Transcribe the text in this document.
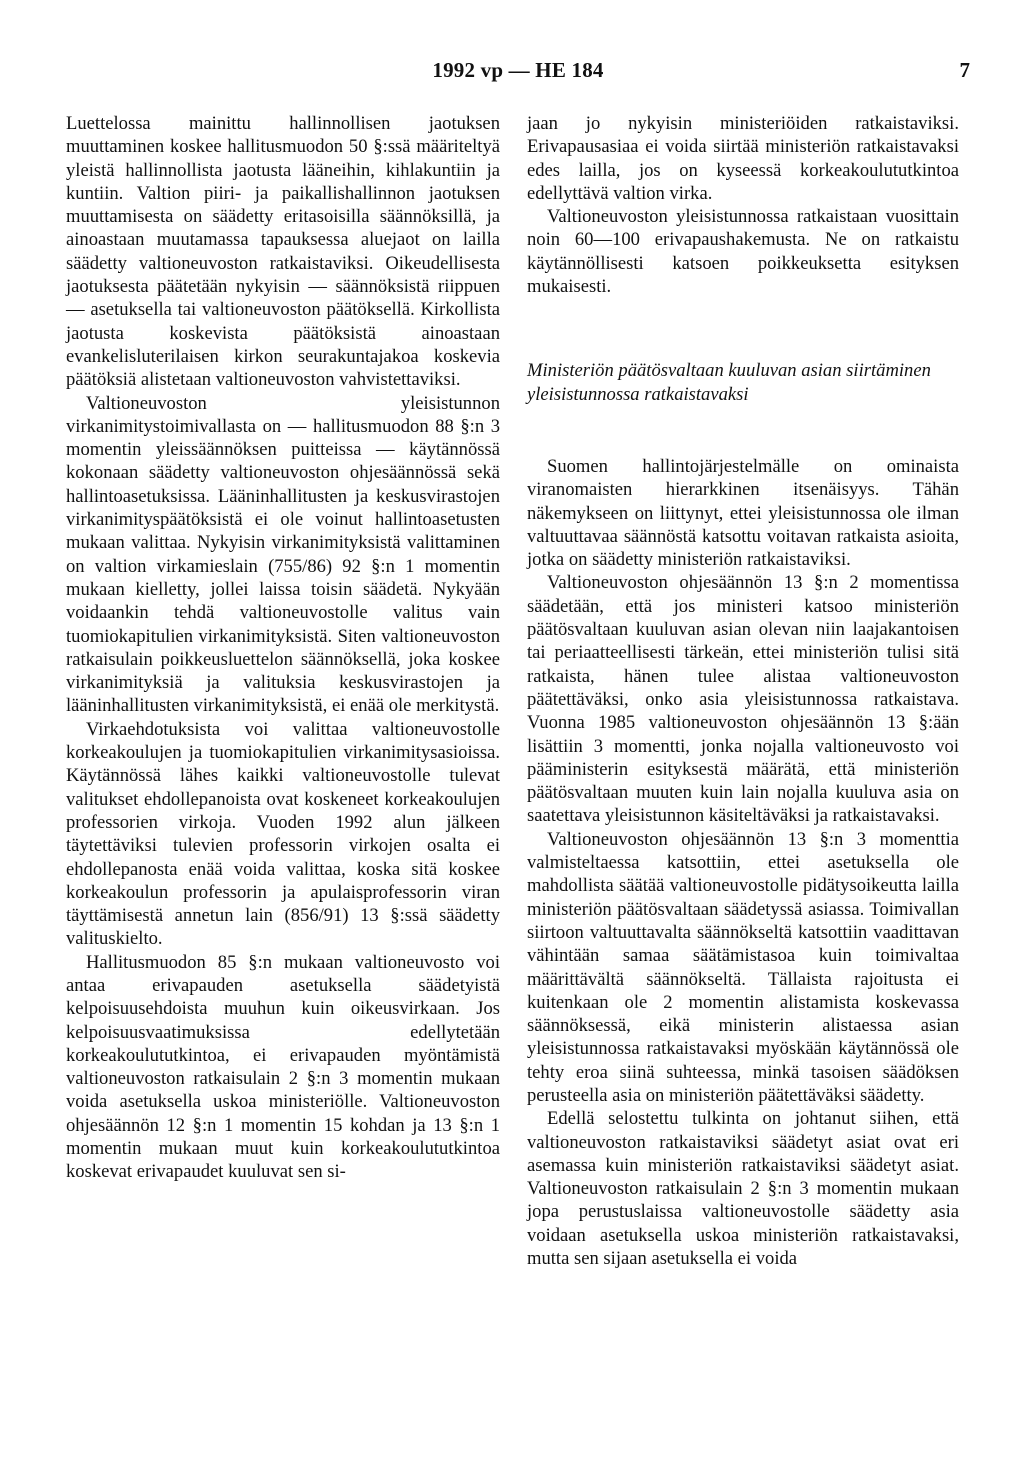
1992 vp — HE 184	7

Luettelossa mainittu hallinnollisen jaotuksen muuttaminen koskee hallitusmuodon 50 §:ssä määriteltyä yleistä hallinnollista jaotusta lääneihin, kihlakuntiin ja kuntiin. Valtion piiri- ja paikallishallinnon jaotuksen muuttamisesta on säädetty eritasoisilla säännöksillä, ja ainoastaan muutamassa tapauksessa aluejaot on lailla säädetty valtioneuvoston ratkaistaviksi. Oikeudellisesta jaotuksesta päätetään nykyisin — säännöksistä riippuen — asetuksella tai valtioneuvoston päätöksellä. Kirkollista jaotusta koskevista päätöksistä ainoastaan evankelisluterilaisen kirkon seurakuntajakoa koskevia päätöksiä alistetaan valtioneuvoston vahvistettaviksi.

Valtioneuvoston yleisistunnon virkanimitystoimivallasta on — hallitusmuodon 88 §:n 3 momentin yleissäännöksen puitteissa — käytännössä kokonaan säädetty valtioneuvoston ohjesäännössä sekä hallintoasetuksissa. Lääninhallitusten ja keskusvirastojen virkanimityspäätöksistä ei ole voinut hallintoasetusten mukaan valittaa. Nykyisin virkanimityksistä valittaminen on valtion virkamieslain (755/86) 92 §:n 1 momentin mukaan kielletty, jollei laissa toisin säädetä. Nykyään voidaankin tehdä valtioneuvostolle valitus vain tuomiokapitulien virkanimityksistä. Siten valtioneuvoston ratkaisulain poikkeusluettelon säännöksellä, joka koskee virkanimityksiä ja valituksia keskusvirastojen ja lääninhallitusten virkanimityksistä, ei enää ole merkitystä.

Virkaehdotuksista voi valittaa valtioneuvostolle korkeakoulujen ja tuomiokapitulien virkanimitysasioissa. Käytännössä lähes kaikki valtioneuvostolle tulevat valitukset ehdollepanoista ovat koskeneet korkeakoulujen professorien virkoja. Vuoden 1992 alun jälkeen täytettäviksi tulevien professorin virkojen osalta ei ehdollepanosta enää voida valittaa, koska sitä koskee korkeakoulun professorin ja apulaisprofessorin viran täyttämisestä annetun lain (856/91) 13 §:ssä säädetty valituskielto.

Hallitusmuodon 85 §:n mukaan valtioneuvosto voi antaa erivapauden asetuksella säädetyistä kelpoisuusehdoista muuhun kuin oikeusvirkaan. Jos kelpoisuusvaatimuksissa edellytetään korkeakoulututkintoa, ei erivapauden myöntämistä valtioneuvoston ratkaisulain 2 §:n 3 momentin mukaan voida asetuksella uskoa ministeriölle. Valtioneuvoston ohjesäännön 12 §:n 1 momentin 15 kohdan ja 13 §:n 1 momentin mukaan muut kuin korkeakoulututkintoa koskevat erivapaudet kuuluvat sen si-

jaan jo nykyisin ministeriöiden ratkaistaviksi. Erivapausasiaa ei voida siirtää ministeriön ratkaistavaksi edes lailla, jos on kyseessä korkeakoulututkintoa edellyttävä valtion virka.

Valtioneuvoston yleisistunnossa ratkaistaan vuosittain noin 60—100 erivapaushakemusta. Ne on ratkaistu käytännöllisesti katsoen poikkeuksetta esityksen mukaisesti.

Ministeriön päätösvaltaan kuuluvan asian siirtäminen yleisistunnossa ratkaistavaksi

Suomen hallintojärjestelmälle on ominaista viranomaisten hierarkkinen itsenäisyys. Tähän näkemykseen on liittynyt, ettei yleisistunnossa ole ilman valtuuttavaa säännöstä katsottu voitavan ratkaista asioita, jotka on säädetty ministeriön ratkaistaviksi.

Valtioneuvoston ohjesäännön 13 §:n 2 momentissa säädetään, että jos ministeri katsoo ministeriön päätösvaltaan kuuluvan asian olevan niin laajakantoisen tai periaatteellisesti tärkeän, ettei ministeriön tulisi sitä ratkaista, hänen tulee alistaa valtioneuvoston päätettäväksi, onko asia yleisistunnossa ratkaistava. Vuonna 1985 valtioneuvoston ohjesäännön 13 §:ään lisättiin 3 momentti, jonka nojalla valtioneuvosto voi pääministerin esityksestä määrätä, että ministeriön päätösvaltaan muuten kuin lain nojalla kuuluva asia on saatettava yleisistunnon käsiteltäväksi ja ratkaistavaksi.

Valtioneuvoston ohjesäännön 13 §:n 3 momenttia valmisteltaessa katsottiin, ettei asetuksella ole mahdollista säätää valtioneuvostolle pidätysoikeutta lailla ministeriön päätösvaltaan säädetyssä asiassa. Toimivallan siirtoon valtuuttavalta säännökseltä katsottiin vaadittavan vähintään samaa säätämistasoa kuin toimivaltaa määrittävältä säännökseltä. Tällaista rajoitusta ei kuitenkaan ole 2 momentin alistamista koskevassa säännöksessä, eikä ministerin alistaessa asian yleisistunnossa ratkaistavaksi myöskään käytännössä ole tehty eroa siinä suhteessa, minkä tasoisen säädöksen perusteella asia on ministeriön päätettäväksi säädetty.

Edellä selostettu tulkinta on johtanut siihen, että valtioneuvoston ratkaistaviksi säädetyt asiat ovat eri asemassa kuin ministeriön ratkaistaviksi säädetyt asiat. Valtioneuvoston ratkaisulain 2 §:n 3 momentin mukaan jopa perustuslaissa valtioneuvostolle säädetty asia voidaan asetuksella uskoa ministeriön ratkaistavaksi, mutta sen sijaan asetuksella ei voida
